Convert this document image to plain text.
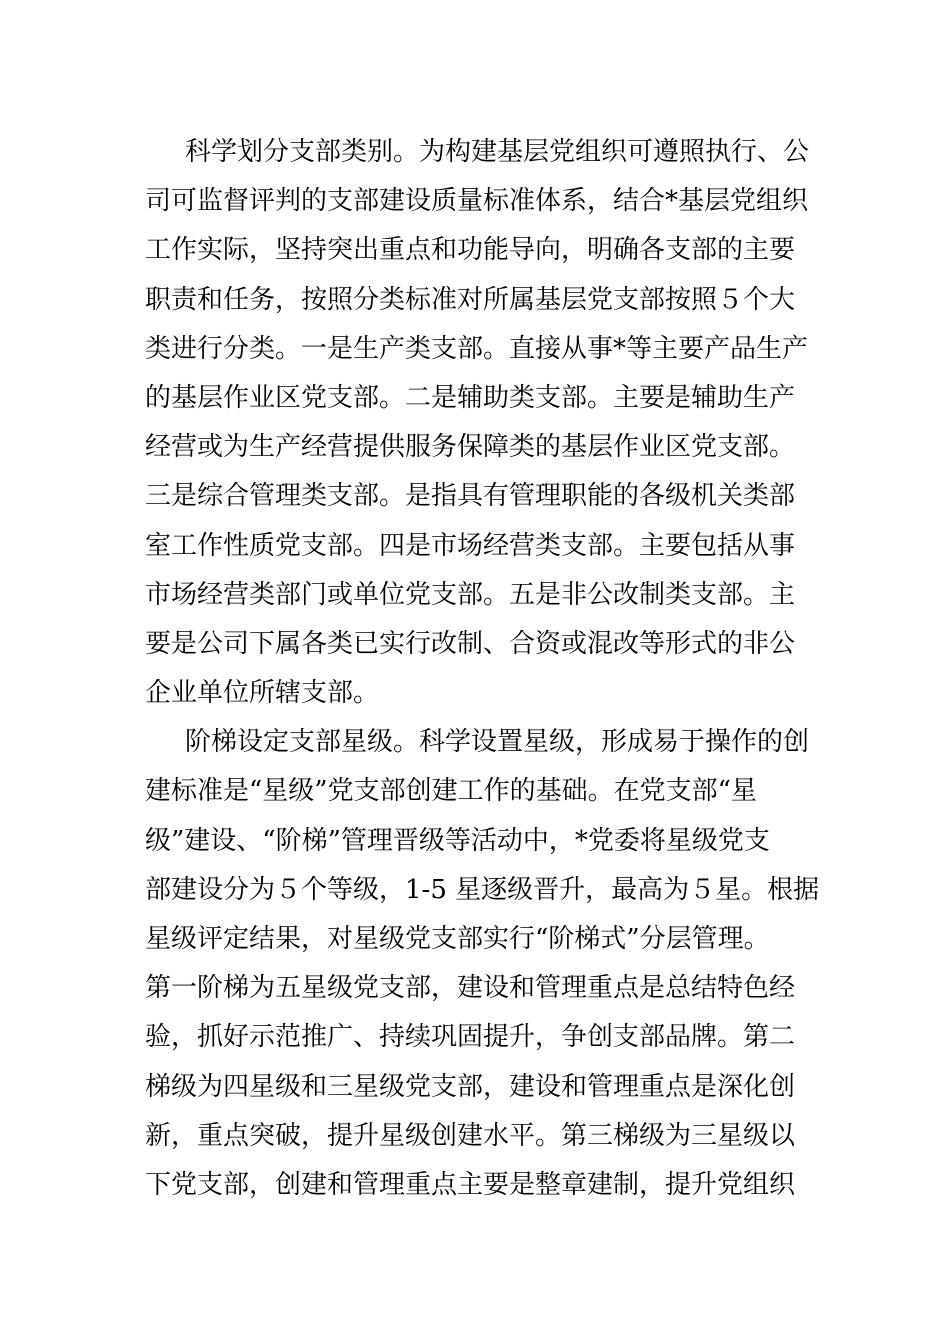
科学划分支部类别。为构建基层党组织可遵照执行、公
司可监督评判的支部建设质量标准体系，结合*基层党组织
工作实际，坚持突出重点和功能导向，明确各支部的主要
职责和任务，按照分类标准对所属基层党支部按照５个大
类进行分类。一是生产类支部。直接从事*等主要产品生产
的基层作业区党支部。二是辅助类支部。主要是辅助生产
经营或为生产经营提供服务保障类的基层作业区党支部。
三是综合管理类支部。是指具有管理职能的各级机关类部
室工作性质党支部。四是市场经营类支部。主要包括从事
市场经营类部门或单位党支部。五是非公改制类支部。主
要是公司下属各类已实行改制、合资或混改等形式的非公
企业单位所辖支部。
阶梯设定支部星级。科学设置星级，形成易于操作的创
建标准是“星级”党支部创建工作的基础。在党支部“星
级”建设、“阶梯”管理晋级等活动中，*党委将星级党支
部建设分为５个等级，1-5 星逐级晋升，最高为５星。根据
星级评定结果，对星级党支部实行“阶梯式”分层管理。
第一阶梯为五星级党支部，建设和管理重点是总结特色经
验，抓好示范推广、持续巩固提升，争创支部品牌。第二
梯级为四星级和三星级党支部，建设和管理重点是深化创
新，重点突破，提升星级创建水平。第三梯级为三星级以
下党支部，创建和管理重点主要是整章建制，提升党组织
